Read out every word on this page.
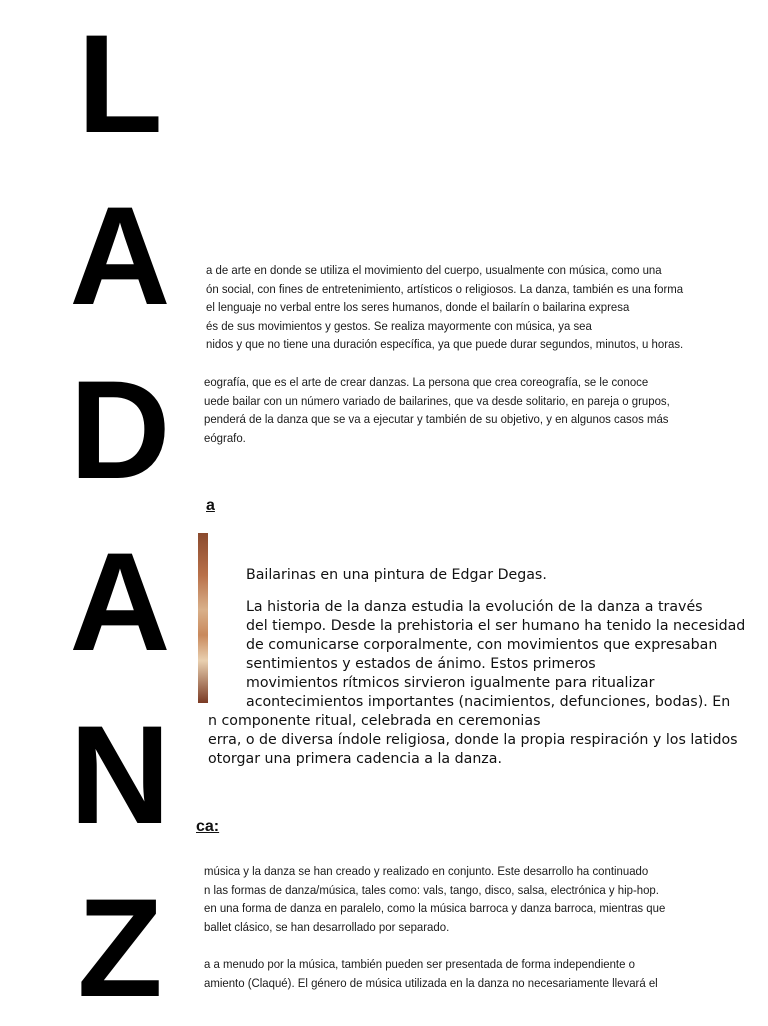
L
A
D
A
N
Z
a de arte en donde se utiliza el movimiento del cuerpo, usualmente con música, como una
ón social, con fines de entretenimiento, artísticos o religiosos. La danza, también es una forma
el lenguaje no verbal entre los seres humanos, donde el bailarín o bailarina expresa
és de sus movimientos y gestos. Se realiza mayormente con música, ya sea
nidos y que no tiene una duración específica, ya que puede durar segundos, minutos, u horas.
eografía, que es el arte de crear danzas. La persona que crea coreografía, se le conoce
uede bailar con un número variado de bailarines, que va desde solitario, en pareja o grupos,
penderá de la danza que se va a ejecutar y también de su objetivo, y en algunos casos más
eógrafo.
a
Bailarinas en una pintura de Edgar Degas.
La historia de la danza estudia la evolución de la danza a través
del tiempo. Desde la prehistoria el ser humano ha tenido la necesidad
de comunicarse corporalmente, con movimientos que expresaban
sentimientos y estados de ánimo. Estos primeros
movimientos rítmicos sirvieron igualmente para ritualizar
acontecimientos importantes (nacimientos, defunciones, bodas). En
n componente ritual, celebrada en ceremonias
erra, o de diversa índole religiosa, donde la propia respiración y los latidos
otorgar una primera cadencia a la danza.
ca:
música y la danza se han creado y realizado en conjunto. Este desarrollo ha continuado
n las formas de danza/música, tales como: vals, tango, disco, salsa, electrónica y hip-hop.
en una forma de danza en paralelo, como la música barroca y danza barroca, mientras que
ballet clásico, se han desarrollado por separado.
a a menudo por la música, también pueden ser presentada de forma independiente o
amiento (Claqué). El género de música utilizada en la danza no necesariamente llevará el
